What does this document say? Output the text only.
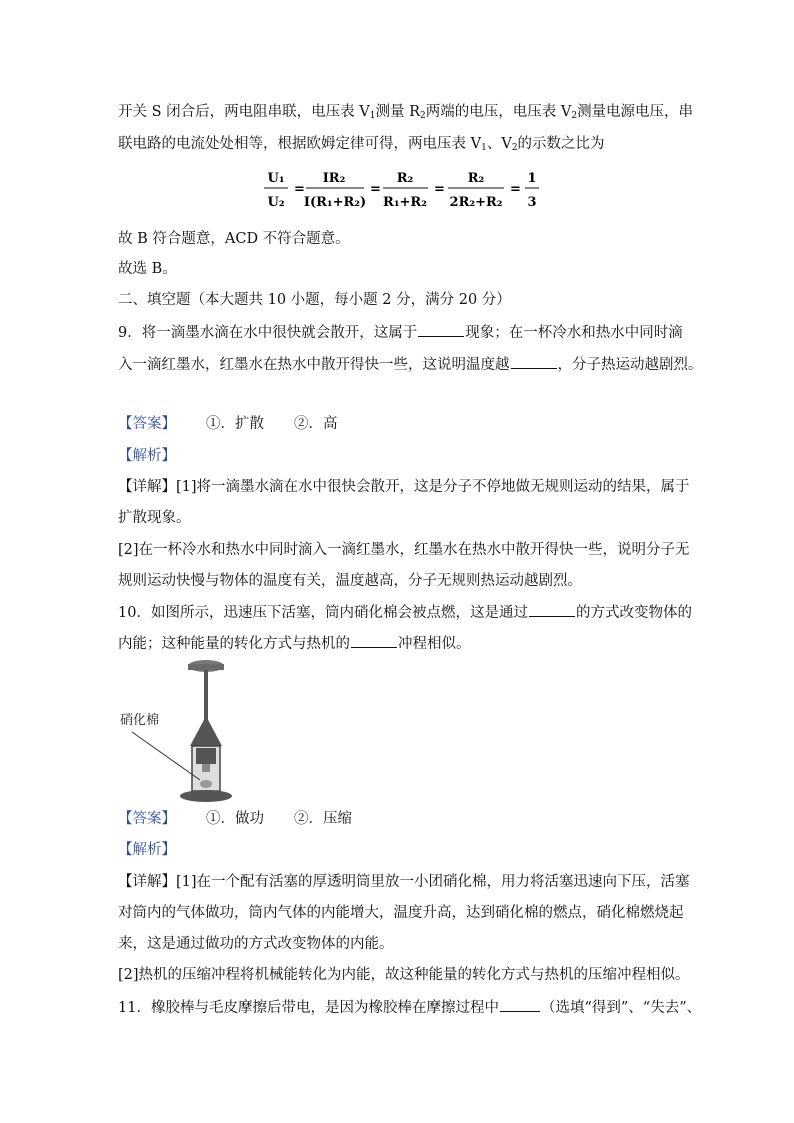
开关 S 闭合后，两电阻串联，电压表 $V_1$测量 $R_2$两端的电压，电压表 $V_2$测量电源电压，串
联电路的电流处处相等，根据欧姆定律可得，两电压表 $V_1$、$V_2$的示数之比为
U₁
U₂
=
IR₂
I(R₁+R₂)
=
R₂
R₁+R₂
=
R₂
2R₂+R₂
=
1
3
故 B 符合题意，ACD 不符合题意。
故选 B。
二、填空题（本大题共 10 小题，每小题 2 分，满分 20 分）
9．将一滴墨水滴在水中很快就会散开，这属于	现象；在一杯冷水和热水中同时滴
入一滴红墨水，红墨水在热水中散开得快一些，这说明温度越	，分子热运动越剧烈。
【答案】 ①．扩散 ②．高
【解析】
【详解】[1]将一滴墨水滴在水中很快会散开，这是分子不停地做无规则运动的结果，属于
扩散现象。
[2]在一杯冷水和热水中同时滴入一滴红墨水，红墨水在热水中散开得快一些，说明分子无
规则运动快慢与物体的温度有关，温度越高，分子无规则热运动越剧烈。
10．如图所示，迅速压下活塞，筒内硝化棉会被点燃，这是通过	的方式改变物体的
内能；这种能量的转化方式与热机的	冲程相似。
硝化棉
【答案】 ①．做功 ②．压缩
【解析】
【详解】[1]在一个配有活塞的厚透明筒里放一小团硝化棉，用力将活塞迅速向下压，活塞
对筒内的气体做功，筒内气体的内能增大，温度升高，达到硝化棉的燃点，硝化棉燃烧起
来，这是通过做功的方式改变物体的内能。
[2]热机的压缩冲程将机械能转化为内能，故这种能量的转化方式与热机的压缩冲程相似。
11．橡胶棒与毛皮摩擦后带电，是因为橡胶棒在摩擦过程中	（选填“得到”、“失去”、
